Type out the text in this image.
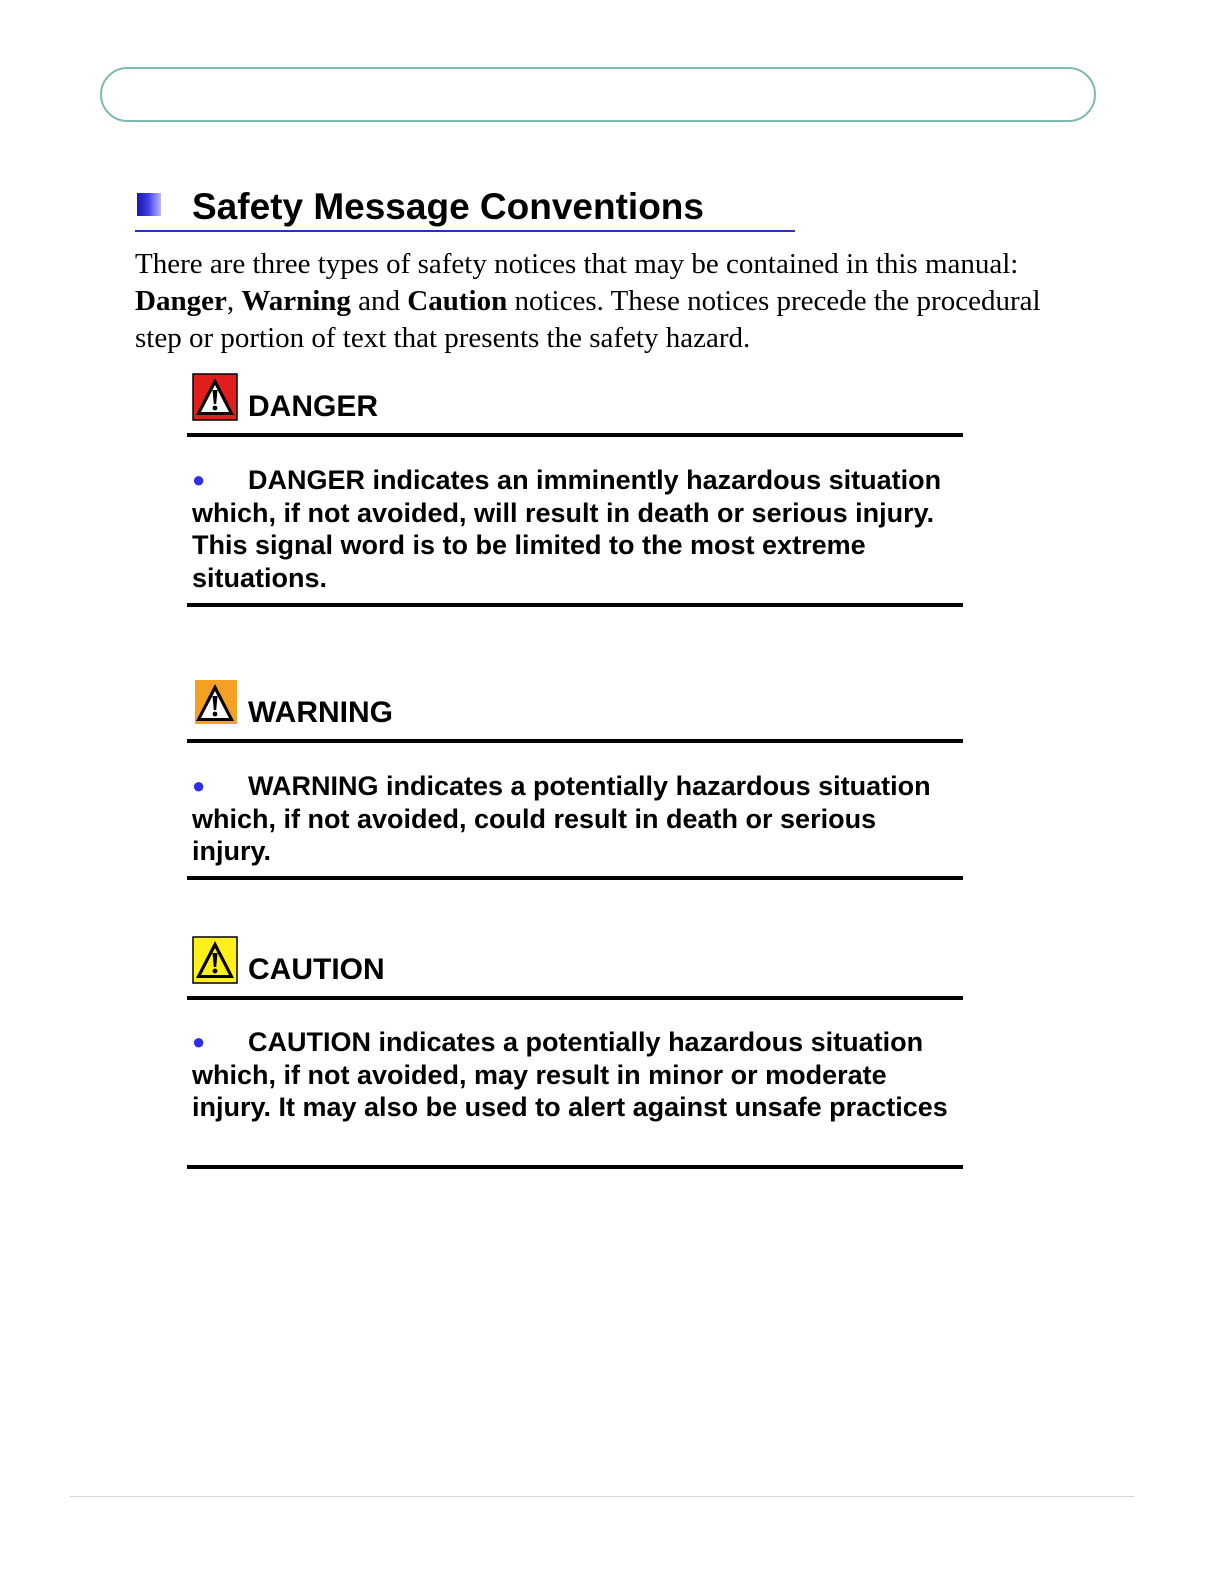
Safety Message Conventions

There are three types of safety notices that may be contained in this manual: Danger, Warning and Caution notices. These notices precede the procedural step or portion of text that presents the safety hazard.

DANGER

● DANGER indicates an imminently hazardous situation which, if not avoided, will result in death or serious injury. This signal word is to be limited to the most extreme situations.

WARNING

● WARNING indicates a potentially hazardous situation which, if not avoided, could result in death or serious injury.

CAUTION

● CAUTION indicates a potentially hazardous situation which, if not avoided, may result in minor or moderate injury. It may also be used to alert against unsafe practices
